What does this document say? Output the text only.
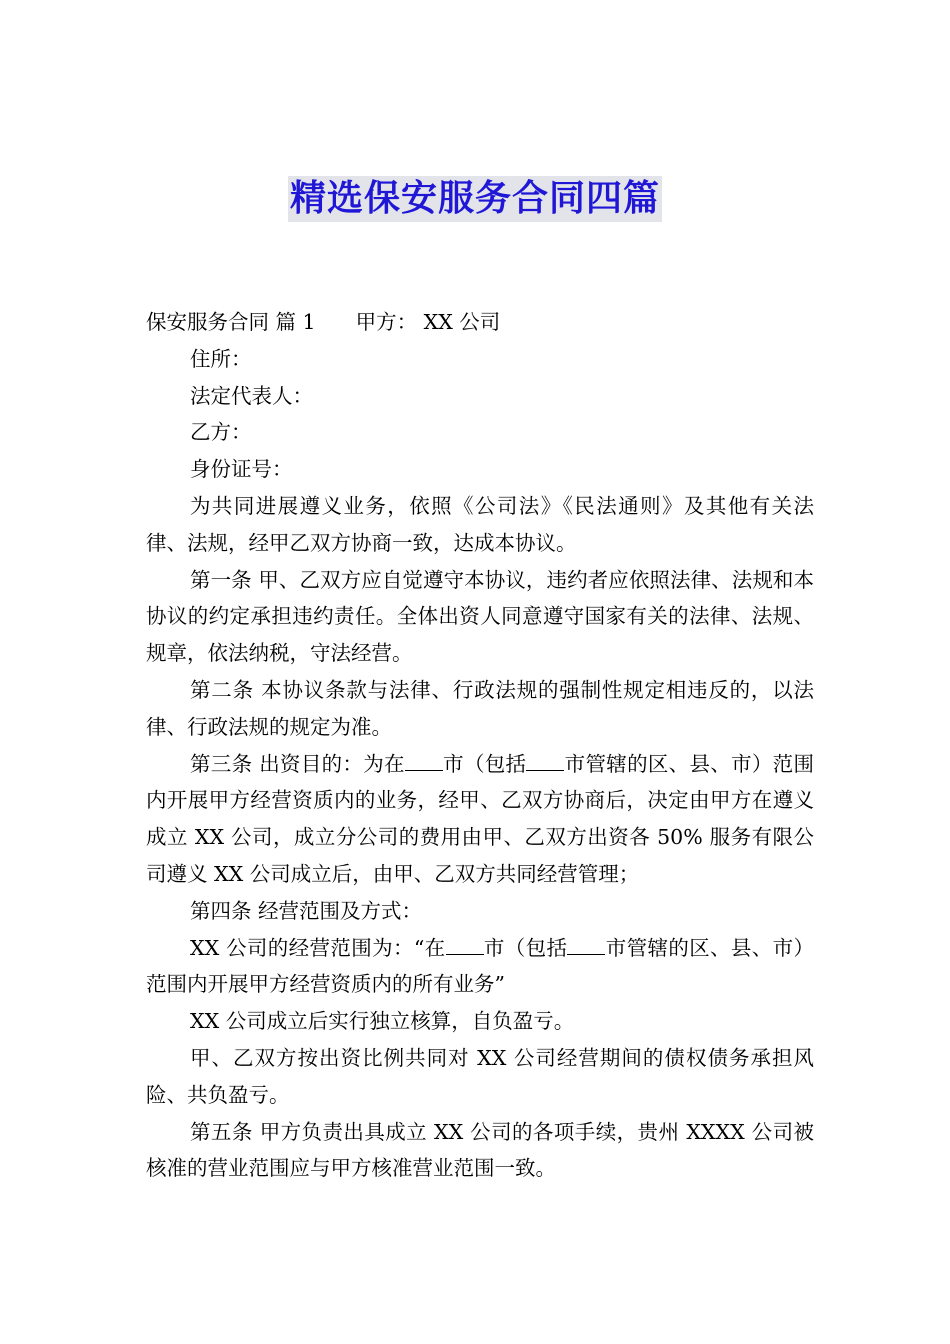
精选保安服务合同四篇

保安服务合同 篇 1 甲方： XX 公司

住所：

法定代表人：

乙方：

身份证号：

为共同进展遵义业务，依照《公司法》《民法通则》及其他有关法律、法规，经甲乙双方协商一致，达成本协议。

第一条 甲、乙双方应自觉遵守本协议，违约者应依照法律、法规和本协议的约定承担违约责任。全体出资人同意遵守国家有关的法律、法规、规章，依法纳税，守法经营。

第二条 本协议条款与法律、行政法规的强制性规定相违反的，以法律、行政法规的规定为准。

第三条 出资目的：为在 市（包括 市管辖的区、县、市）范围内开展甲方经营资质内的业务，经甲、乙双方协商后，决定由甲方在遵义成立 XX 公司，成立分公司的费用由甲、乙双方出资各 50% 服务有限公司遵义 XX 公司成立后，由甲、乙双方共同经营管理；

第四条 经营范围及方式：

XX 公司的经营范围为：“在 市（包括 市管辖的区、县、市）范围内开展甲方经营资质内的所有业务”

XX 公司成立后实行独立核算，自负盈亏。

甲、乙双方按出资比例共同对 XX 公司经营期间的债权债务承担风险、共负盈亏。

第五条 甲方负责出具成立 XX 公司的各项手续，贵州 XXXX 公司被核准的营业范围应与甲方核准营业范围一致。
